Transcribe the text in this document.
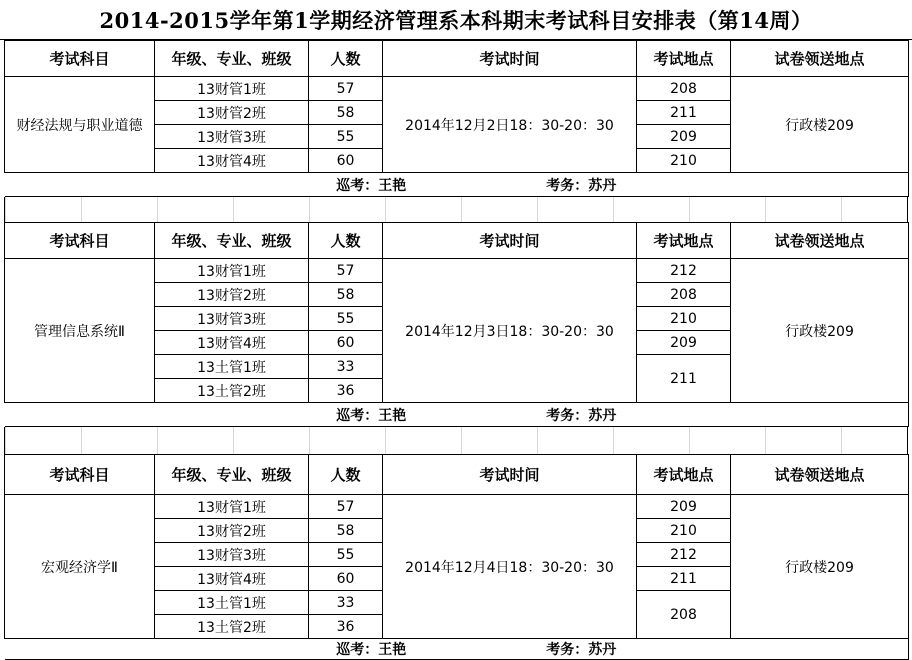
2014-2015学年第1学期经济管理系本科期末考试科目安排表（第14周）
考试科目	年级、专业、班级	人数	考试时间	考试地点	试卷领送地点
财经法规与职业道德	13财管1班	57	2014年12月2日18：30-20：30	208	行政楼209
	13财管2班	58		211	
	13财管3班	55		209	
	13财管4班	60		210	

巡考：王艳 考务：苏丹					
考试科目	年级、专业、班级	人数	考试时间	考试地点	试卷领送地点
管理信息系统Ⅱ	13财管1班	57	2014年12月3日18：30-20：30	212	行政楼209
	13财管2班	58		208	
	13财管3班	55		210	
	13财管4班	60		209	
	13土管1班	33		211	
	13土管2班	36			

巡考：王艳 考务：苏丹					
考试科目	年级、专业、班级	人数	考试时间	考试地点	试卷领送地点
宏观经济学Ⅱ	13财管1班	57	2014年12月4日18：30-20：30	209	行政楼209
	13财管2班	58		210	
	13财管3班	55		212	
	13财管4班	60		211	
	13土管1班	33		208	
	13土管2班	36			

巡考：王艳 考务：苏丹					
